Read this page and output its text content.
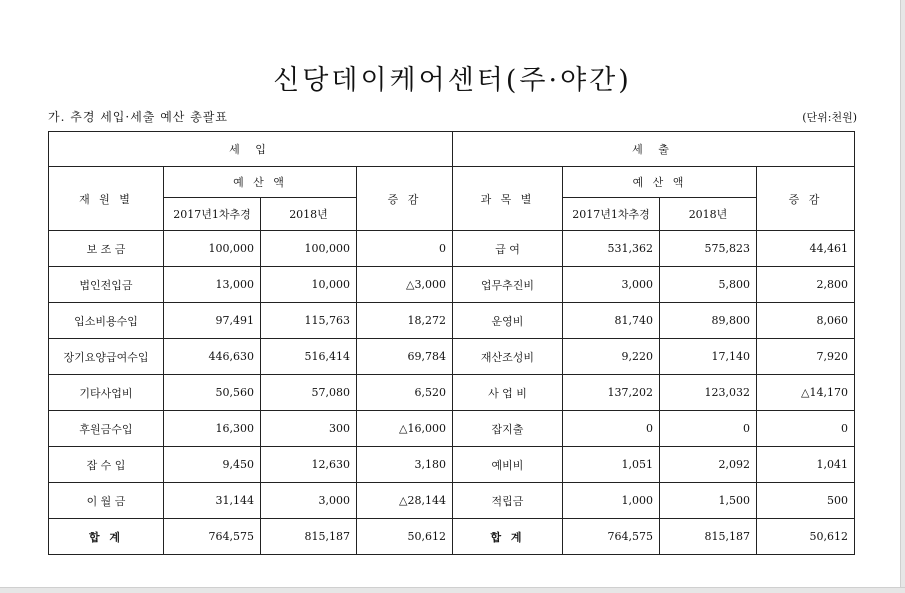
신당데이케어센터(주·야간)
가. 추경 세입·세출 예산 총괄표	(단위:천원)
세 입				세 출			
재 원 별	예 산 액		증 감	과 목 별	예 산 액		증 감
	2017년1차추경	2018년			2017년1차추경	2018년	
보 조 금	100,000	100,000	0	급 여	531,362	575,823	44,461
법인전입금	13,000	10,000	△3,000	업무추진비	3,000	5,800	2,800
입소비용수입	97,491	115,763	18,272	운영비	81,740	89,800	8,060
장기요양급여수입	446,630	516,414	69,784	재산조성비	9,220	17,140	7,920
기타사업비	50,560	57,080	6,520	사 업 비	137,202	123,032	△14,170
후원금수입	16,300	300	△16,000	잡지출	0	0	0
잡 수 입	9,450	12,630	3,180	예비비	1,051	2,092	1,041
이 월 금	31,144	3,000	△28,144	적립금	1,000	1,500	500
합 계	764,575	815,187	50,612	합 계	764,575	815,187	50,612
